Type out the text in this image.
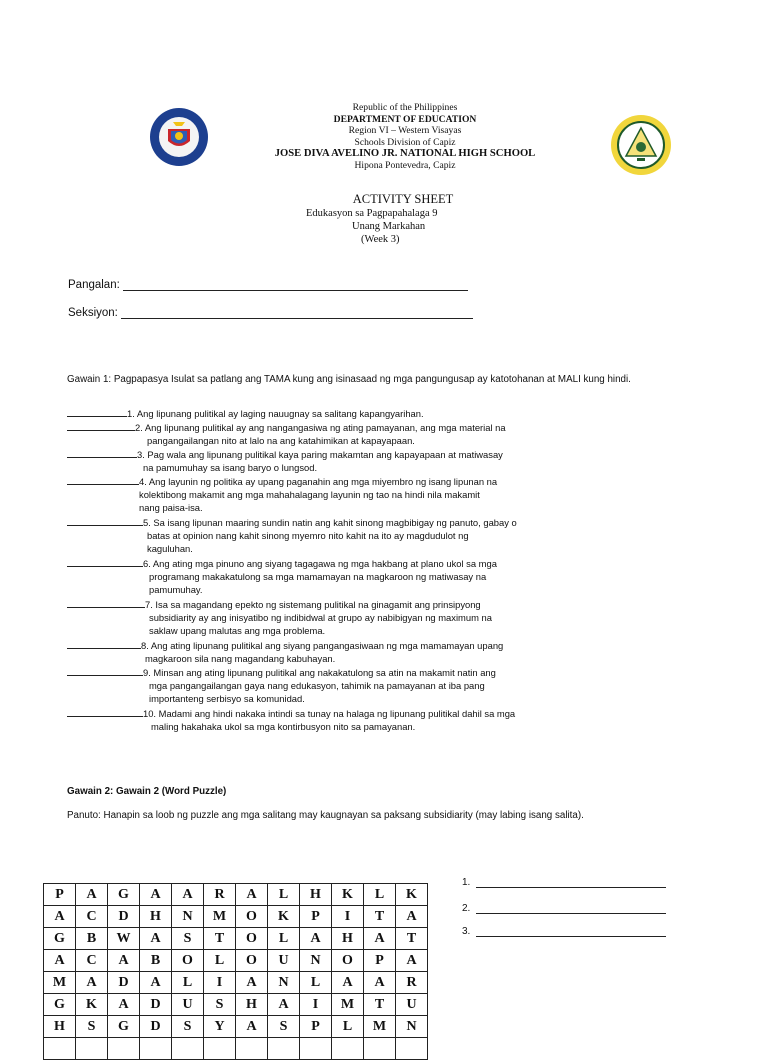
Republic of the Philippines
DEPARTMENT OF EDUCATION
Region VI – Western Visayas
Schools Division of Capiz
JOSE DIVA AVELINO JR. NATIONAL HIGH SCHOOL
Hipona Pontevedra, Capiz
ACTIVITY SHEET
Edukasyon sa Pagpapahalaga 9
Unang Markahan
(Week 3)
Pangalan:
Seksiyon:
Gawain 1: Pagpapasya Isulat sa patlang ang TAMA kung ang isinasaad ng mga pangungusap ay katotohanan at MALI kung hindi.
1. Ang lipunang pulitikal ay laging nauugnay sa salitang kapangyarihan.
2. Ang lipunang pulitikal ay ang nangangasiwa ng ating pamayanan, ang mga material na
pangangailangan nito at lalo na ang katahimikan at kapayapaan.
3. Pag wala ang lipunang pulitikal kaya paring makamtan ang kapayapaan at matiwasay
na pamumuhay sa isang baryo o lungsod.
4. Ang layunin ng politika ay upang paganahin ang mga miyembro ng isang lipunan na
kolektibong makamit ang mga mahahalagang layunin ng tao na hindi nila makamit
nang paisa-isa.
5. Sa isang lipunan maaring sundin natin ang kahit sinong magbibigay ng panuto, gabay o
batas at opinion nang kahit sinong myemro nito kahit na ito ay magdudulot ng
kaguluhan.
6. Ang ating mga pinuno ang siyang tagagawa ng mga hakbang at plano ukol sa mga
programang makakatulong sa mga mamamayan na magkaroon ng matiwasay na
pamumuhay.
7. Isa sa magandang epekto ng sistemang pulitikal na ginagamit ang prinsipyong
subsidiarity ay ang inisyatibo ng indibidwal at grupo ay nabibigyan ng maximum na
saklaw upang malutas ang mga problema.
8. Ang ating lipunang pulitikal ang siyang pangangasiwaan ng mga mamamayan upang
magkaroon sila nang magandang kabuhayan.
9. Minsan ang ating lipunang pulitikal ang nakakatulong sa atin na makamit natin ang
mga pangangailangan gaya nang edukasyon, tahimik na pamayanan at iba pang
importanteng serbisyo sa komunidad.
10. Madami ang hindi nakaka intindi sa tunay na halaga ng lipunang pulitikal dahil sa mga
maling hakahaka ukol sa mga kontirbusyon nito sa pamayanan.
Gawain 2: Gawain 2 (Word Puzzle)
Panuto: Hanapin sa loob ng puzzle ang mga salitang may kaugnayan sa paksang subsidiarity (may labing isang salita).
P	A	G	A	A	R	A	L	H	K	L	K
A	C	D	H	N	M	O	K	P	I	T	A
G	B	W	A	S	T	O	L	A	H	A	T
A	C	A	B	O	L	O	U	N	O	P	A
M	A	D	A	L	I	A	N	L	A	A	R
G	K	A	D	U	S	H	A	I	M	T	U
H	S	G	D	S	Y	A	S	P	L	M	N

1.
2.
3.
